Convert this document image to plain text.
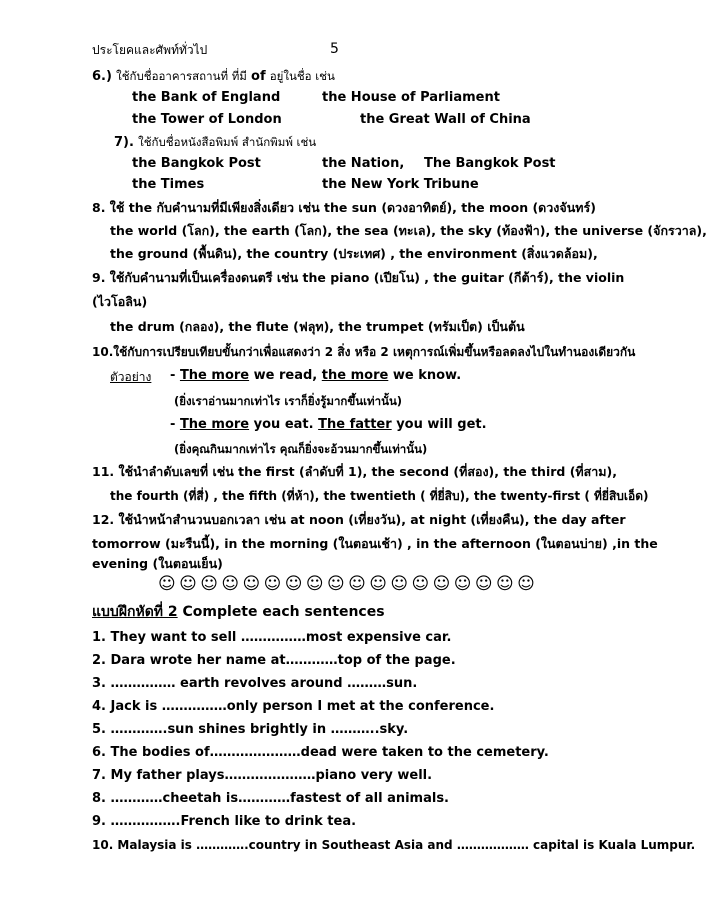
ประโยคและศัพท์ทั่วไป	5
6.) ใช้กับชื่ออาคารสถานที่ ที่มี of อยู่ในชื่อ เช่น
the Bank of England	the House of Parliament
the Tower of London	the Great Wall of China
7). ใช้กับชื่อหนังสือพิมพ์ สำนักพิมพ์ เช่น
the Bangkok Post	the Nation, The Bangkok Post
the Times	the New York Tribune
8. ใช้ the กับคำนามที่มีเพียงสิ่งเดียว เช่น the sun (ดวงอาทิตย์), the moon (ดวงจันทร์)
the world (โลก), the earth (โลก), the sea (ทะเล), the sky (ท้องฟ้า), the universe (จักรวาล),
the ground (พื้นดิน), the country (ประเทศ) , the environment (สิ่งแวดล้อม),
9. ใช้กับคำนามที่เป็นเครื่องดนตรี เช่น the piano (เปียโน) , the guitar (กีต้าร์), the violin
(ไวโอลิน)
the drum (กลอง), the flute (ฟลุท), the trumpet (ทรัมเป็ต) เป็นต้น
10.ใช้กับการเปรียบเทียบขั้นกว่าเพื่อแสดงว่า 2 สิ่ง หรือ 2 เหตุการณ์เพิ่มขึ้นหรือลดลงไปในทำนองเดียวกัน
ตัวอย่าง - The more we read, the more we know.
(ยิ่งเราอ่านมากเท่าไร เราก็ยิ่งรู้มากขึ้นเท่านั้น)
- The more you eat. The fatter you will get.
(ยิ่งคุณกินมากเท่าไร คุณก็ยิ่งจะอ้วนมากขึ้นเท่านั้น)
11. ใช้นำลำดับเลขที่ เช่น the first (ลำดับที่ 1), the second (ที่สอง), the third (ที่สาม),
the fourth (ที่สี่) , the fifth (ที่ห้า), the twentieth ( ที่ยี่สิบ), the twenty-first ( ที่ยี่สิบเอ็ด)
12. ใช้นำหน้าสำนวนบอกเวลา เช่น at noon (เที่ยงวัน), at night (เที่ยงคืน), the day after
tomorrow (มะรืนนี้), in the morning (ในตอนเช้า) , in the afternoon (ในตอนบ่าย) ,in the
evening (ในตอนเย็น)
☺☺☺☺☺☺☺☺☺☺☺☺☺☺☺☺☺☺
แบบฝึกหัดที่ 2 Complete each sentences
1. They want to sell ……………most expensive car.
2. Dara wrote her name at…………top of the page.
3. …………… earth revolves around ………sun.
4. Jack is ……………only person I met at the conference.
5. ………….sun shines brightly in ………..sky.
6. The bodies of…………………dead were taken to the cemetery.
7. My father plays…………………piano very well.
8. …………cheetah is…………fastest of all animals.
9. …………….French like to drink tea.
10. Malaysia is ………….country in Southeast Asia and ……………… capital is Kuala Lumpur.
